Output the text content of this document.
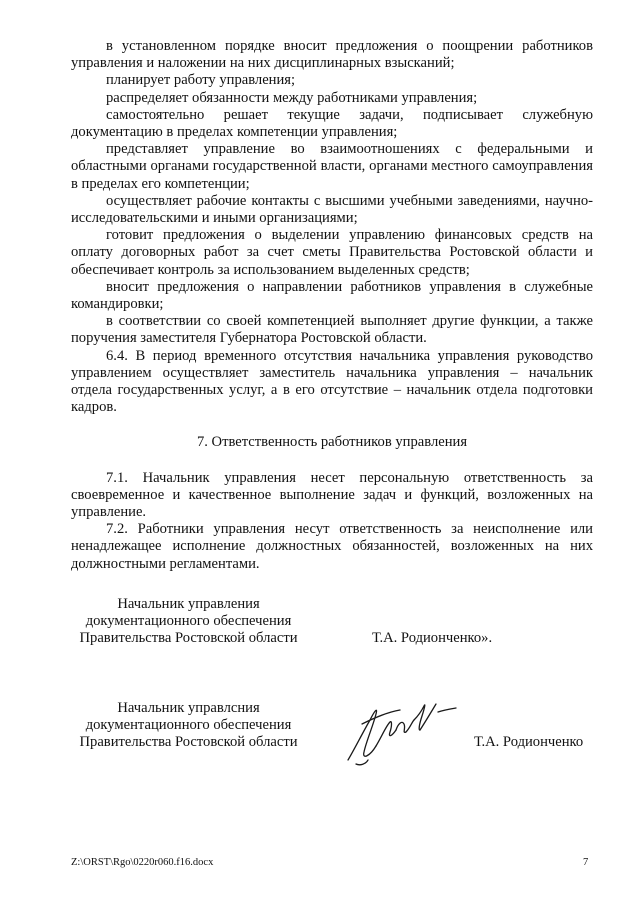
в установленном порядке вносит предложения о поощрении работников управления и наложении на них дисциплинарных взысканий;

планирует работу управления;

распределяет обязанности между работниками управления;

самостоятельно решает текущие задачи, подписывает служебную документацию в пределах компетенции управления;

представляет управление во взаимоотношениях с федеральными и областными органами государственной власти, органами местного самоуправления в пределах его компетенции;

осуществляет рабочие контакты с высшими учебными заведениями, научно-исследовательскими и иными организациями;

готовит предложения о выделении управлению финансовых средств на оплату договорных работ за счет сметы Правительства Ростовской области и обеспечивает контроль за использованием выделенных средств;

вносит предложения о направлении работников управления в служебные командировки;

в соответствии со своей компетенцией выполняет другие функции, а также поручения заместителя Губернатора Ростовской области.

6.4. В период временного отсутствия начальника управления руководство управлением осуществляет заместитель начальника управления – начальник отдела государственных услуг, а в его отсутствие – начальник отдела подготовки кадров.

7. Ответственность работников управления

7.1. Начальник управления несет персональную ответственность за своевременное и качественное выполнение задач и функций, возложенных на управление.

7.2. Работники управления несут ответственность за неисполнение или ненадлежащее исполнение должностных обязанностей, возложенных на них должностными регламентами.

Начальник управления
документационного обеспечения
Правительства Ростовской области	Т.А. Родионченко».
Начальник управлсния
документационного обеспечения
Правительства Ростовской области	Т.А. Родионченко
Z:\ORST\Rgo\0220r060.f16.docx	7
